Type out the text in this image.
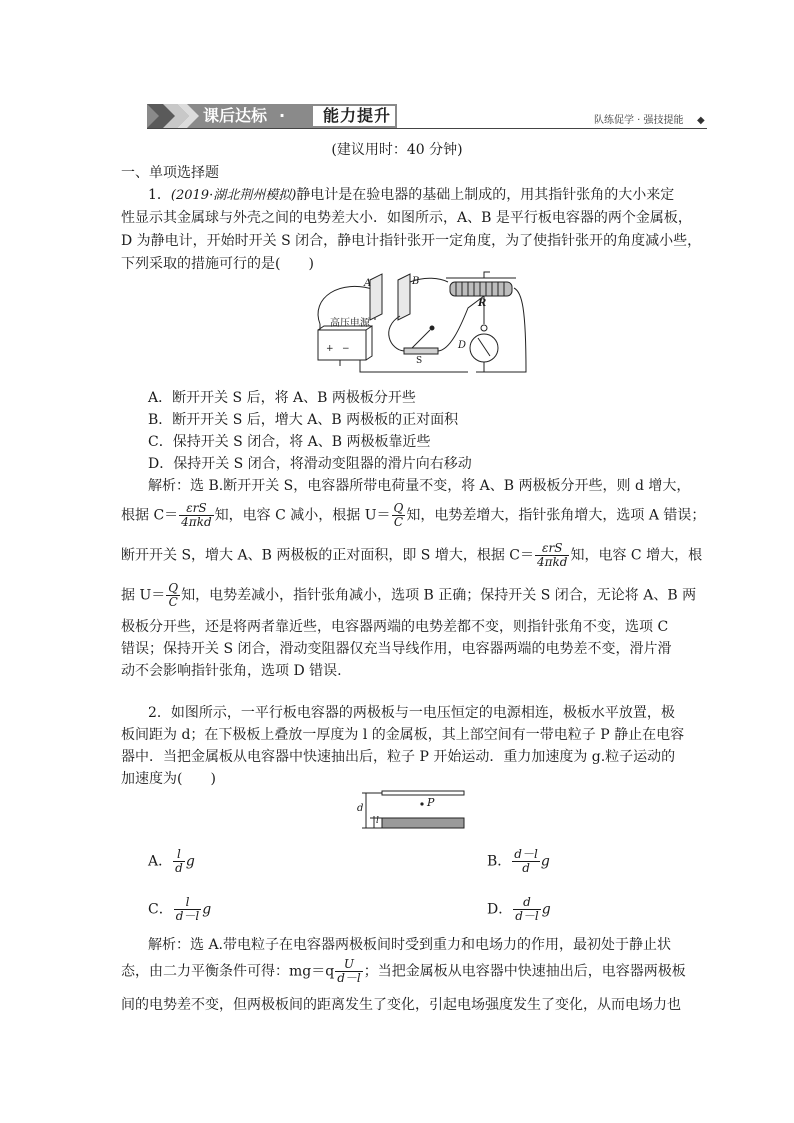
课后达标 · 能力提升	队练促学 · 强技提能 ◆
(建议用时：40 分钟)
一、单项选择题
1．(2019·湖北荆州模拟)静电计是在验电器的基础上制成的，用其指针张角的大小来定
性显示其金属球与外壳之间的电势差大小．如图所示，A、B 是平行板电容器的两个金属板，
D 为静电计，开始时开关 S 闭合，静电计指针张开一定角度，为了使指针张开的角度减小些，
下列采取的措施可行的是(　　)
A	B
R
D
S
高压电源
+ −
A．断开开关 S 后，将 A、B 两极板分开些
B．断开开关 S 后，增大 A、B 两极板的正对面积
C．保持开关 S 闭合，将 A、B 两极板靠近些
D．保持开关 S 闭合，将滑动变阻器的滑片向右移动
解析：选 B.断开开关 S，电容器所带电荷量不变，将 A、B 两极板分开些，则 d 增大，
根据 $C= \frac{\text{εrS}}{\text{4πkd}}$ 知，电容 C 减小，根据 $U= \frac{Q}{C}$ 知，电势差增大，指针张角增大，选项 A 错误；
断开开关 S，增大 A、B 两极板的正对面积，即 S 增大，根据 $C= \frac{\text{εrS}}{\text{4πkd}}$ 知，电容 C 增大，根
据 $U= \frac{Q}{C}$ 知，电势差减小，指针张角减小，选项 B 正确；保持开关 S 闭合，无论将 A、B 两
极板分开些，还是将两者靠近些，电容器两端的电势差都不变，则指针张角不变，选项 C
错误；保持开关 S 闭合，滑动变阻器仅充当导线作用，电容器两端的电势差不变，滑片滑
动不会影响指针张角，选项 D 错误.
2．如图所示，一平行板电容器的两极板与一电压恒定的电源相连，极板水平放置，极
板间距为 d；在下极板上叠放一厚度为 l 的金属板，其上部空间有一带电粒子 P 静止在电容
器中．当把金属板从电容器中快速抽出后，粒子 P 开始运动．重力加速度为 g.粒子运动的
加速度为(　　)
P
d
l
A． $\frac{l}{d}$ g	B． $\frac{d-l}{d}$ g
C． $\frac{l}{d-l}$ g	D． $\frac{d}{d-l}$ g
解析：选 A.带电粒子在电容器两极板间时受到重力和电场力的作用，最初处于静止状
态，由二力平衡条件可得：$mg=q \frac{U}{d-l}$ ；当把金属板从电容器中快速抽出后，电容器两极板
间的电势差不变，但两极板间的距离发生了变化，引起电场强度发生了变化，从而电场力也
